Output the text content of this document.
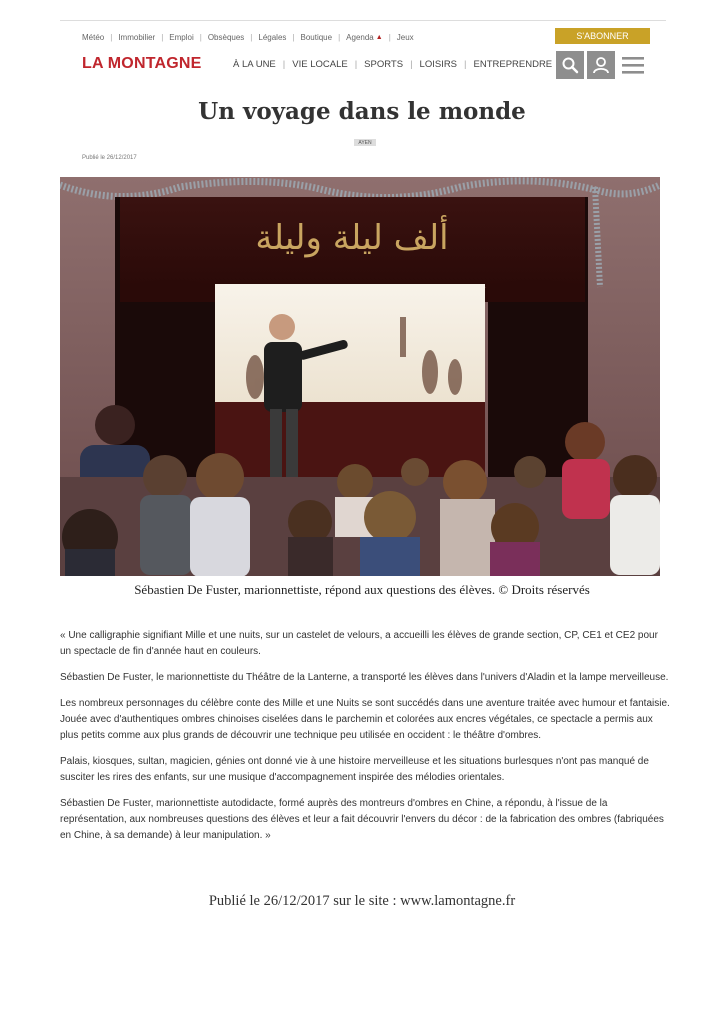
Météo | Immobilier | Emploi | Obsèques | Légales | Boutique | Agenda ▲ | Jeux	S'ABONNER
LA MONTAGNE	À LA UNE | VIE LOCALE | SPORTS | LOISIRS | ENTREPRENDRE
Un voyage dans le monde
AYEN
Publié le 26/12/2017
ألف ليلة وليلة
Sébastien De Fuster, marionnettiste, répond aux questions des élèves. © Droits réservés

« Une calligraphie signifiant Mille et une nuits, sur un castelet de velours, a accueilli les élèves de grande section, CP, CE1 et CE2 pour un spectacle de fin d'année haut en couleurs.

Sébastien De Fuster, le marionnettiste du Théâtre de la Lanterne, a transporté les élèves dans l'univers d'Aladin et la lampe merveilleuse.

Les nombreux personnages du célèbre conte des Mille et une Nuits se sont succédés dans une aventure traitée avec humour et fantaisie. Jouée avec d'authentiques ombres chinoises ciselées dans le parchemin et colorées aux encres végétales, ce spectacle a permis aux plus petits comme aux plus grands de découvrir une technique peu utilisée en occident : le théâtre d'ombres.

Palais, kiosques, sultan, magicien, génies ont donné vie à une histoire merveilleuse et les situations burlesques n'ont pas manqué de susciter les rires des enfants, sur une musique d'accompagnement inspirée des mélodies orientales.

Sébastien De Fuster, marionnettiste autodidacte, formé auprès des montreurs d'ombres en Chine, a répondu, à l'issue de la représentation, aux nombreuses questions des élèves et leur a fait découvrir l'envers du décor : de la fabrication des ombres (fabriquées en Chine, à sa demande) à leur manipulation. »

Publié le 26/12/2017 sur le site : www.lamontagne.fr
